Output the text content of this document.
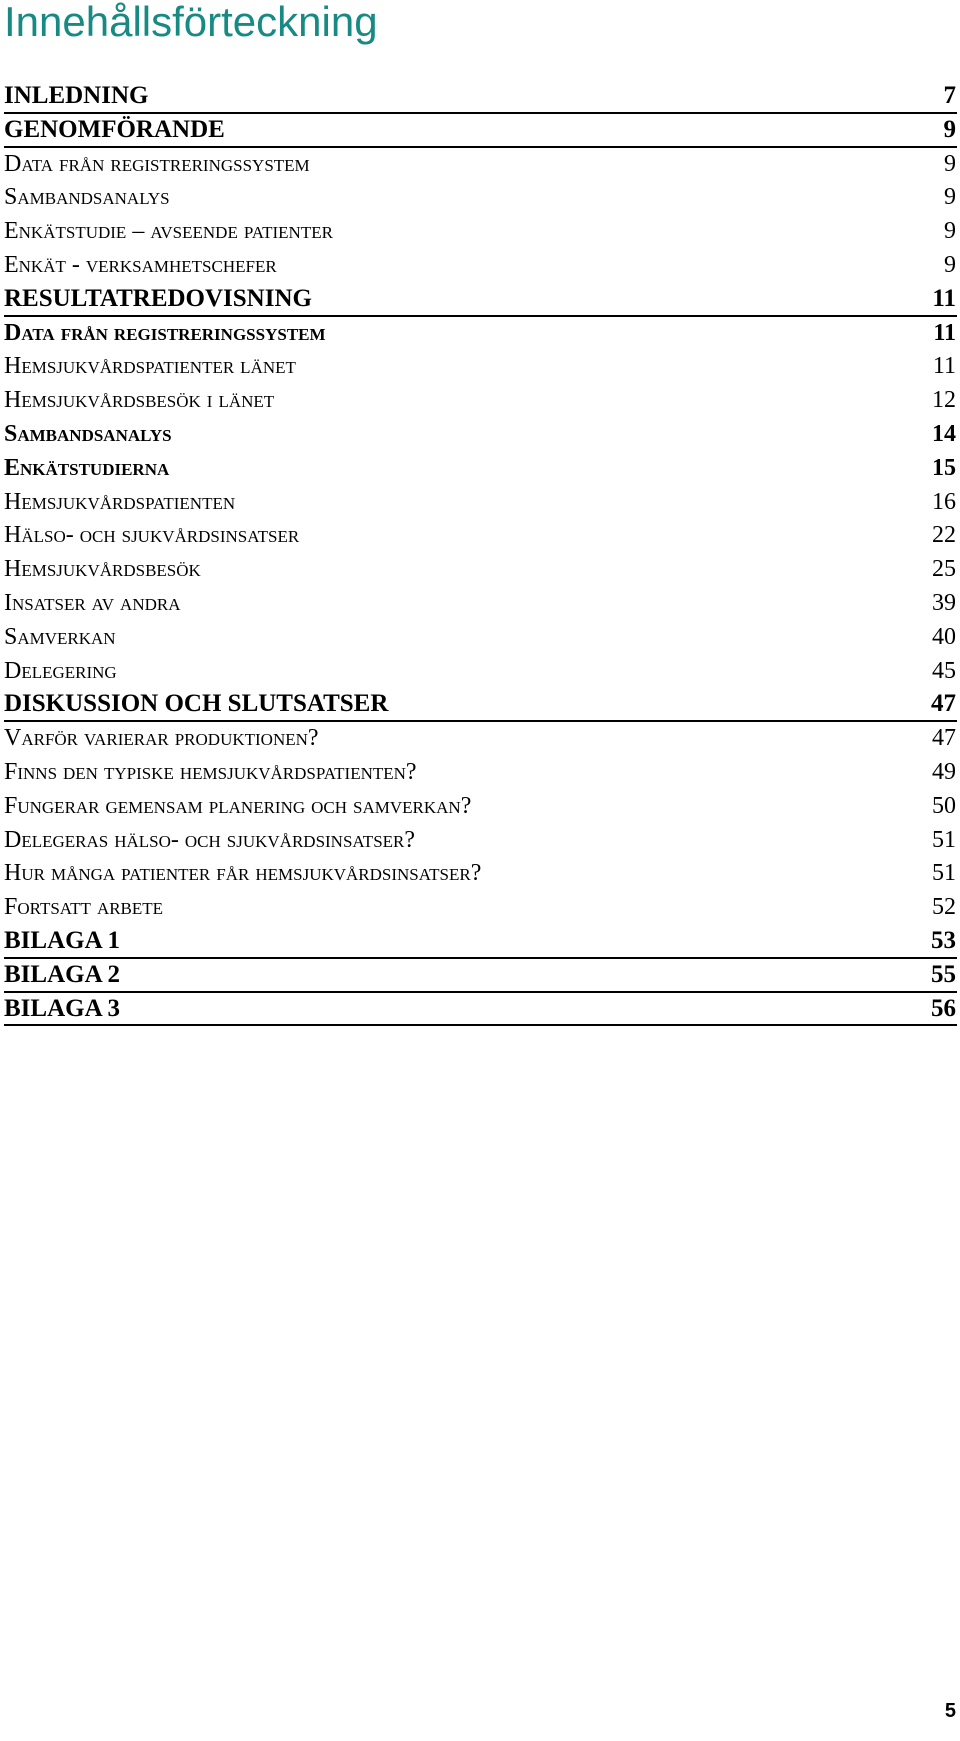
Innehållsförteckning
INLEDNING	7
GENOMFÖRANDE	9
Data från registreringssystem	9
Sambandsanalys	9
Enkätstudie – avseende patienter	9
Enkät - verksamhetschefer	9
RESULTATREDOVISNING	11
Data från registreringssystem	11
Hemsjukvårdspatienter länet	11
Hemsjukvårdsbesök i länet	12
Sambandsanalys	14
Enkätstudierna	15
Hemsjukvårdspatienten	16
Hälso- och sjukvårdsinsatser	22
Hemsjukvårdsbesök	25
Insatser av andra	39
Samverkan	40
Delegering	45
DISKUSSION OCH SLUTSATSER	47
Varför varierar produktionen?	47
Finns den typiske hemsjukvårdspatienten?	49
Fungerar gemensam planering och samverkan?	50
Delegeras hälso- och sjukvårdsinsatser?	51
Hur många patienter får hemsjukvårdsinsatser?	51
Fortsatt arbete	52
BILAGA 1	53
BILAGA 2	55
BILAGA 3	56
5
